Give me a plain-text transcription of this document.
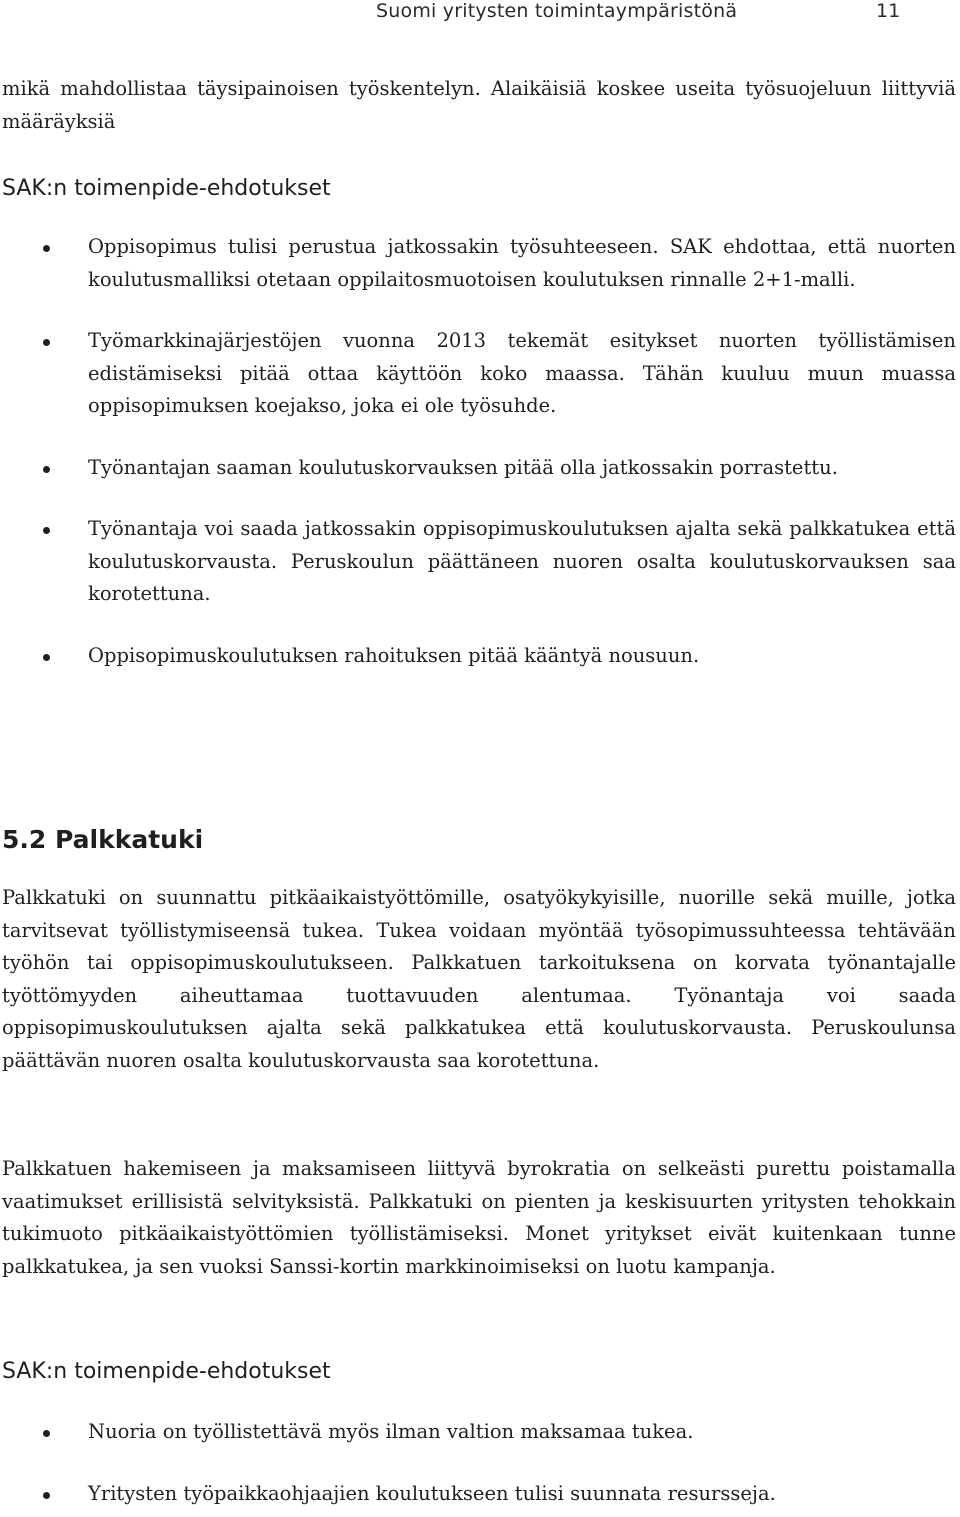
Suomi yritysten toimintaympäristönä	11

mikä mahdollistaa täysipainoisen työskentelyn. Alaikäisiä koskee useita työsuojeluun liittyviä määräyksiä

SAK:n toimenpide-ehdotukset
Oppisopimus tulisi perustua jatkossakin työsuhteeseen. SAK ehdottaa, että nuorten koulutusmalliksi otetaan oppilaitosmuotoisen koulutuksen rinnalle 2+1-malli.
Työmarkkinajärjestöjen vuonna 2013 tekemät esitykset nuorten työllistämisen edistämiseksi pitää ottaa käyttöön koko maassa. Tähän kuuluu muun muassa oppisopimuksen koejakso, joka ei ole työsuhde.
Työnantajan saaman koulutuskorvauksen pitää olla jatkossakin porrastettu.
Työnantaja voi saada jatkossakin oppisopimuskoulutuksen ajalta sekä palkkatukea että koulutuskorvausta. Peruskoulun päättäneen nuoren osalta koulutuskorvauksen saa korotettuna.
Oppisopimuskoulutuksen rahoituksen pitää kääntyä nousuun.
5.2 Palkkatuki

Palkkatuki on suunnattu pitkäaikaistyöttömille, osatyökykyisille, nuorille sekä muille, jotka tarvitsevat työllistymiseensä tukea. Tukea voidaan myöntää työsopimussuhteessa tehtävään työhön tai oppisopimuskoulutukseen. Palkkatuen tarkoituksena on korvata työnantajalle työttömyyden aiheuttamaa tuottavuuden alentumaa. Työnantaja voi saada oppisopimuskoulutuksen ajalta sekä palkkatukea että koulutuskorvausta. Peruskoulunsa päättävän nuoren osalta koulutuskorvausta saa korotettuna.

Palkkatuen hakemiseen ja maksamiseen liittyvä byrokratia on selkeästi purettu poistamalla vaatimukset erillisistä selvityksistä. Palkkatuki on pienten ja keskisuurten yritysten tehokkain tukimuoto pitkäaikaistyöttömien työllistämiseksi. Monet yritykset eivät kuitenkaan tunne palkkatukea, ja sen vuoksi Sanssi-kortin markkinoimiseksi on luotu kampanja.

SAK:n toimenpide-ehdotukset
Nuoria on työllistettävä myös ilman valtion maksamaa tukea.
Yritysten työpaikkaohjaajien koulutukseen tulisi suunnata resursseja.
